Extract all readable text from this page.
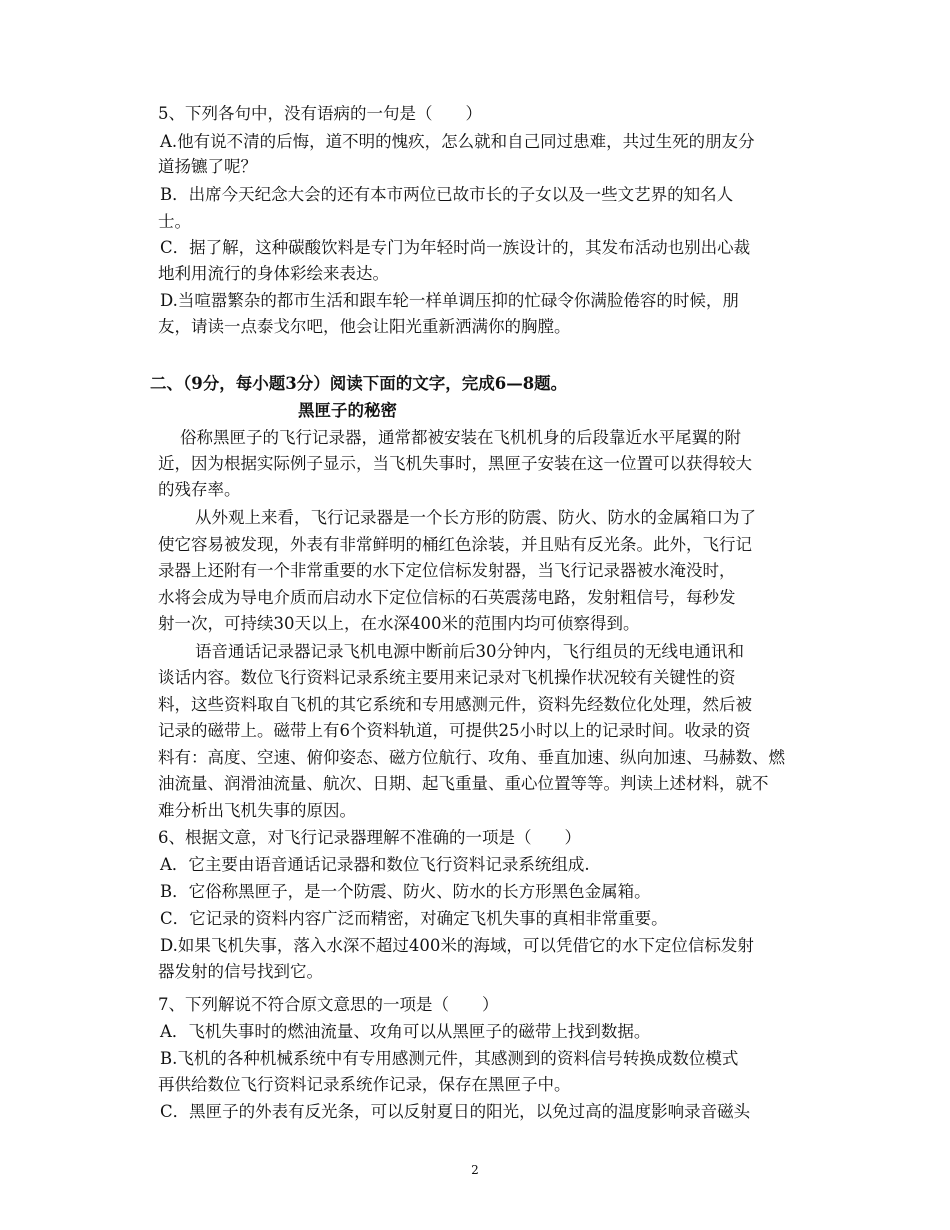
5、下列各句中，没有语病的一句是（　　）
A.他有说不清的后悔，道不明的愧疚，怎么就和自己同过患难，共过生死的朋友分
道扬镳了呢？
B．出席今天纪念大会的还有本市两位已故市长的子女以及一些文艺界的知名人
士。
C．据了解，这种碳酸饮料是专门为年轻时尚一族设计的，其发布活动也别出心裁
地利用流行的身体彩绘来表达。
D.当喧嚣繁杂的都市生活和跟车轮一样单调压抑的忙碌令你满脸倦容的时候，朋
友，请读一点泰戈尔吧，他会让阳光重新洒满你的胸膛。
二、（9分，每小题3分）阅读下面的文字，完成6—8题。
黑匣子的秘密
俗称黑匣子的飞行记录器，通常都被安装在飞机机身的后段靠近水平尾翼的附
近，因为根据实际例子显示，当飞机失事时，黑匣子安装在这一位置可以获得较大
的残存率。
从外观上来看，飞行记录器是一个长方形的防震、防火、防水的金属箱口为了
使它容易被发现，外表有非常鲜明的桶红色涂装，并且贴有反光条。此外，飞行记
录器上还附有一个非常重要的水下定位信标发射器，当飞行记录器被水淹没时，
水将会成为导电介质而启动水下定位信标的石英震荡电路，发射粗信号，每秒发
射一次，可持续30天以上，在水深400米的范围内均可侦察得到。
语音通话记录器记录飞机电源中断前后30分钟内，飞行组员的无线电通讯和
谈话内容。数位飞行资料记录系统主要用来记录对飞机操作状况较有关键性的资
料，这些资料取自飞机的其它系统和专用感测元件，资料先经数位化处理，然后被
记录的磁带上。磁带上有6个资料轨道，可提供25小时以上的记录时间。收录的资
料有：高度、空速、俯仰姿态、磁方位航行、攻角、垂直加速、纵向加速、马赫数、燃
油流量、润滑油流量、航次、日期、起飞重量、重心位置等等。判读上述材料，就不
难分析出飞机失事的原因。
6、根据文意，对飞行记录器理解不准确的一项是（　　）
A．它主要由语音通话记录器和数位飞行资料记录系统组成.
B．它俗称黑匣子，是一个防震、防火、防水的长方形黑色金属箱。
C．它记录的资料内容广泛而精密，对确定飞机失事的真相非常重要。
D.如果飞机失事，落入水深不超过400米的海域，可以凭借它的水下定位信标发射
器发射的信号找到它。
7、下列解说不符合原文意思的一项是（　　）
A．飞机失事时的燃油流量、攻角可以从黑匣子的磁带上找到数据。
B.飞机的各种机械系统中有专用感测元件，其感测到的资料信号转换成数位模式
再供给数位飞行资料记录系统作记录，保存在黑匣子中。
C．黑匣子的外表有反光条，可以反射夏日的阳光，以免过高的温度影响录音磁头
2
